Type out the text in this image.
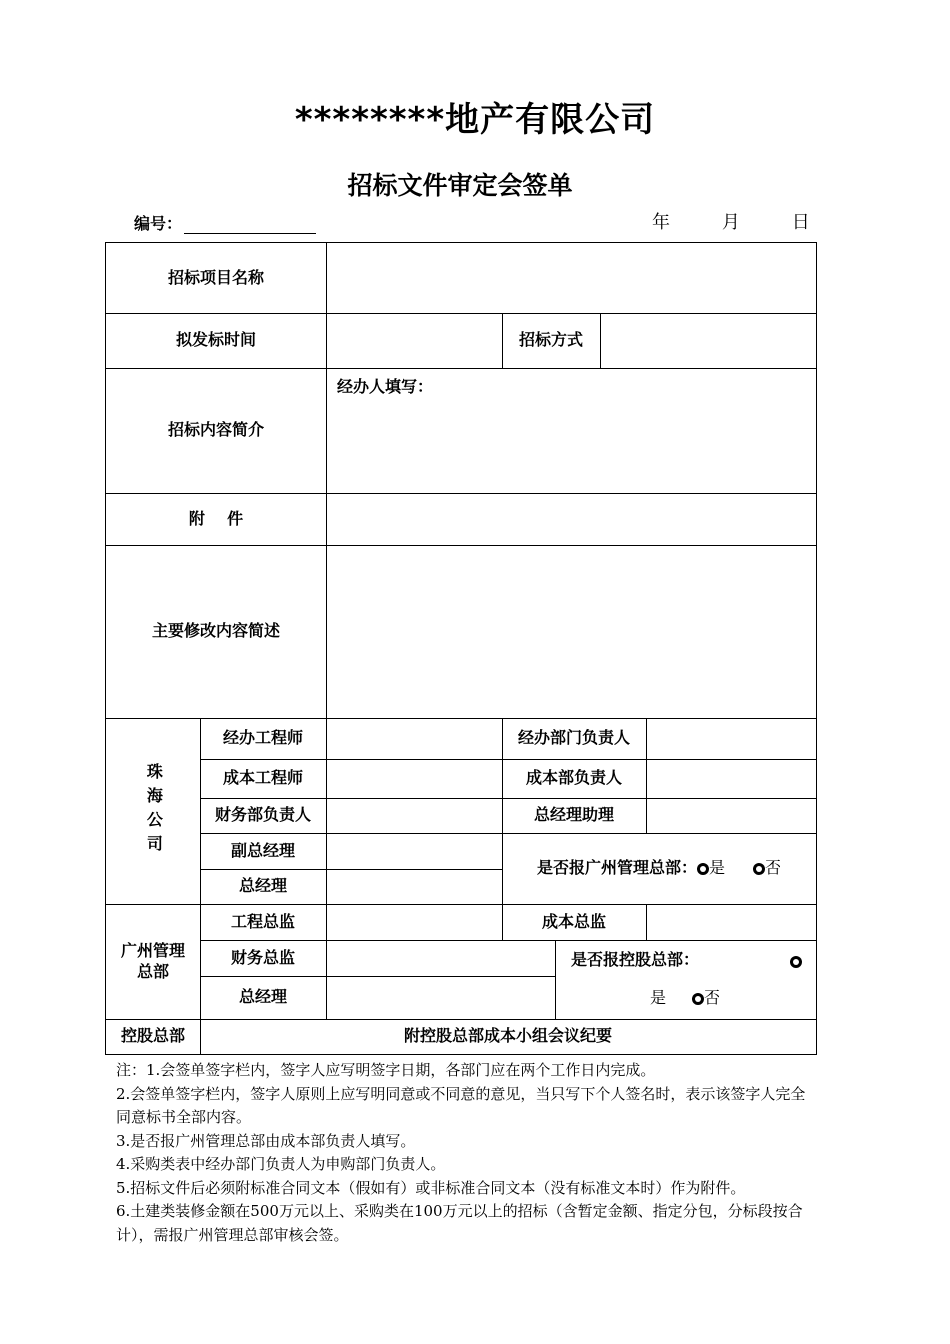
********地产有限公司
招标文件审定会签单
编号：	年    月    日
招标项目名称
拟发标时间	招标方式
招标内容简介
经办人填写：
附    件
主要修改内容简述
珠海公司
经办工程师	经办部门负责人
成本工程师	成本部负责人
财务部负责人	总经理助理
副总经理
总经理
是否报广州管理总部： 是	否
广州管理总部
工程总监	成本总监
财务总监
总经理
是否报控股总部：
是 否
控股总部	附控股总部成本小组会议纪要
注：1.会签单签字栏内，签字人应写明签字日期，各部门应在两个工作日内完成。
2.会签单签字栏内，签字人原则上应写明同意或不同意的意见，当只写下个人签名时，表示该签字人完全同意标书全部内容。
3.是否报广州管理总部由成本部负责人填写。
4.采购类表中经办部门负责人为申购部门负责人。
5.招标文件后必须附标准合同文本（假如有）或非标准合同文本（没有标准文本时）作为附件。
6.土建类装修金额在500万元以上、采购类在100万元以上的招标（含暂定金额、指定分包，分标段按合计），需报广州管理总部审核会签。
